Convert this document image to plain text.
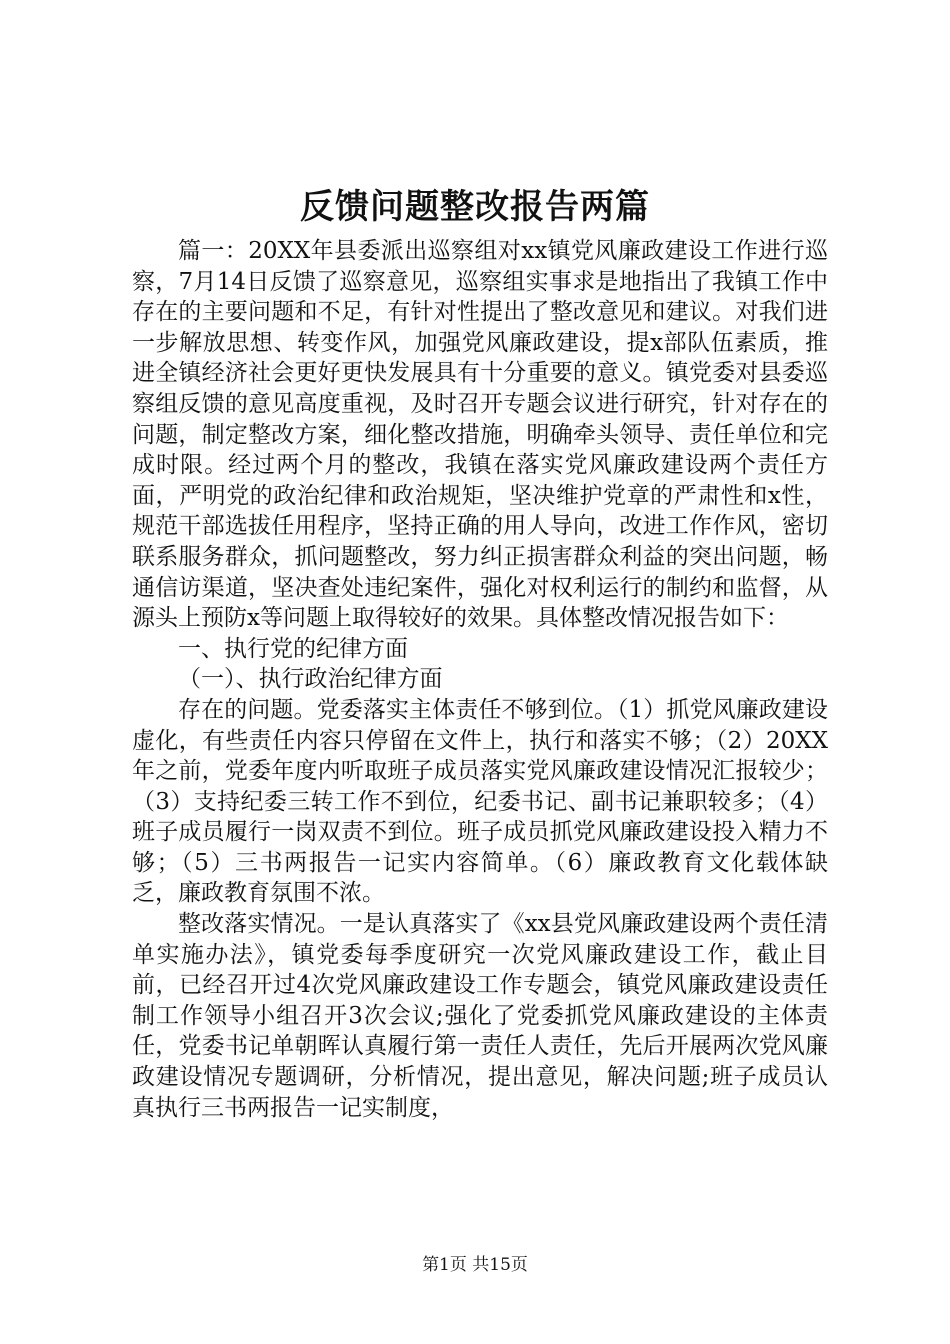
反馈问题整改报告两篇

篇一：20XX年县委派出巡察组对xx镇党风廉政建设工作进行巡察，7月14日反馈了巡察意见，巡察组实事求是地指出了我镇工作中存在的主要问题和不足，有针对性提出了整改意见和建议。对我们进一步解放思想、转变作风，加强党风廉政建设，提x部队伍素质，推进全镇经济社会更好更快发展具有十分重要的意义。镇党委对县委巡察组反馈的意见高度重视，及时召开专题会议进行研究，针对存在的问题，制定整改方案，细化整改措施，明确牵头领导、责任单位和完成时限。经过两个月的整改，我镇在落实党风廉政建设两个责任方面，严明党的政治纪律和政治规矩，坚决维护党章的严肃性和x性，规范干部选拔任用程序，坚持正确的用人导向，改进工作作风，密切联系服务群众，抓问题整改，努力纠正损害群众利益的突出问题，畅通信访渠道，坚决查处违纪案件，强化对权利运行的制约和监督，从源头上预防x等问题上取得较好的效果。具体整改情况报告如下：

一、执行党的纪律方面

（一）、执行政治纪律方面

存在的问题。党委落实主体责任不够到位。（1）抓党风廉政建设虚化，有些责任内容只停留在文件上，执行和落实不够；（2）20XX年之前，党委年度内听取班子成员落实党风廉政建设情况汇报较少；（3）支持纪委三转工作不到位，纪委书记、副书记兼职较多；（4）班子成员履行一岗双责不到位。班子成员抓党风廉政建设投入精力不够；（5）三书两报告一记实内容简单。（6）廉政教育文化载体缺乏，廉政教育氛围不浓。

整改落实情况。一是认真落实了《xx县党风廉政建设两个责任清单实施办法》，镇党委每季度研究一次党风廉政建设工作，截止目前，已经召开过4次党风廉政建设工作专题会，镇党风廉政建设责任制工作领导小组召开3次会议;强化了党委抓党风廉政建设的主体责任，党委书记单朝晖认真履行第一责任人责任，先后开展两次党风廉政建设情况专题调研，分析情况，提出意见，解决问题;班子成员认真执行三书两报告一记实制度，

第1页 共15页
